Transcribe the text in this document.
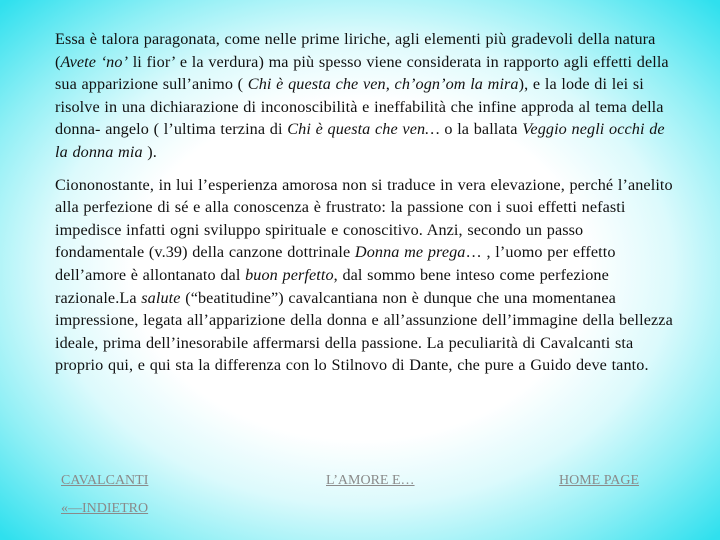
Essa è talora paragonata, come nelle prime liriche, agli elementi più gradevoli della natura (Avete ‘no’ li fior’ e la verdura) ma più spesso viene considerata in rapporto agli effetti della sua apparizione sull’animo ( Chi è questa che ven, ch’ogn’om la mira), e la lode di lei si risolve in una dichiarazione di inconoscibilità e ineffabilità che infine approda al tema della donna- angelo ( l’ultima terzina di Chi è questa che ven… o la ballata Veggio negli occhi de la donna mia ).

Ciononostante, in lui l’esperienza amorosa non si traduce in vera elevazione, perché l’anelito alla perfezione di sé e alla conoscenza è frustrato: la passione con i suoi effetti nefasti impedisce infatti ogni sviluppo spirituale e conoscitivo. Anzi, secondo un passo fondamentale (v.39) della canzone dottrinale Donna me prega… , l’uomo per effetto dell’amore è allontanato dal buon perfetto, dal sommo bene inteso come perfezione razionale.La salute (“beatitudine”) cavalcantiana non è dunque che una momentanea impressione, legata all’apparizione della donna e all’assunzione dell’immagine della bellezza ideale, prima dell’inesorabile affermarsi della passione. La peculiarità di Cavalcanti sta proprio qui, e qui sta la differenza con lo Stilnovo di Dante, che pure a Guido deve tanto.

CAVALCANTI	L’AMORE E…	HOME PAGE
«—INDIETRO
